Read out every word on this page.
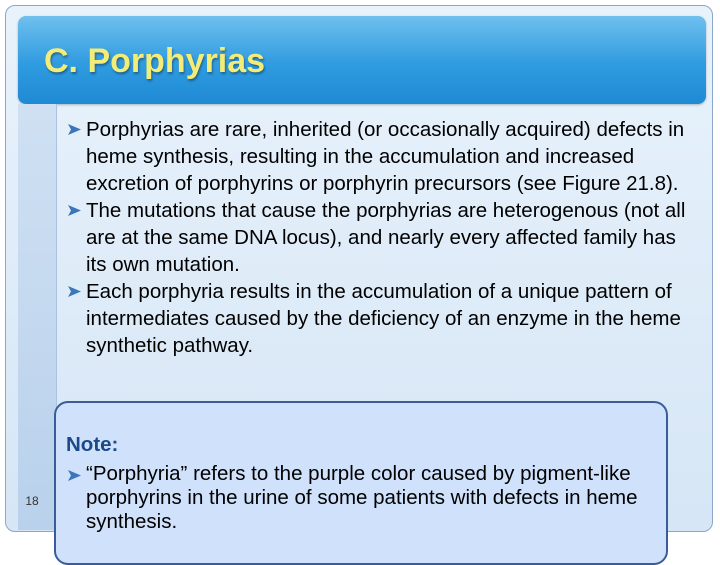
C. Porphyrias
Porphyrias are rare, inherited (or occasionally acquired) defects in heme synthesis, resulting in the accumulation and increased excretion of porphyrins or porphyrin precursors (see Figure 21.8).
The mutations that cause the porphyrias are heterogenous (not all are at the same DNA locus), and nearly every affected family has its own mutation.
Each porphyria results in the accumulation of a unique pattern of intermediates caused by the deficiency of an enzyme in the heme synthetic pathway.
Note:
“Porphyria” refers to the purple color caused by pigment-like porphyrins in the urine of some patients with defects in heme synthesis.
18
